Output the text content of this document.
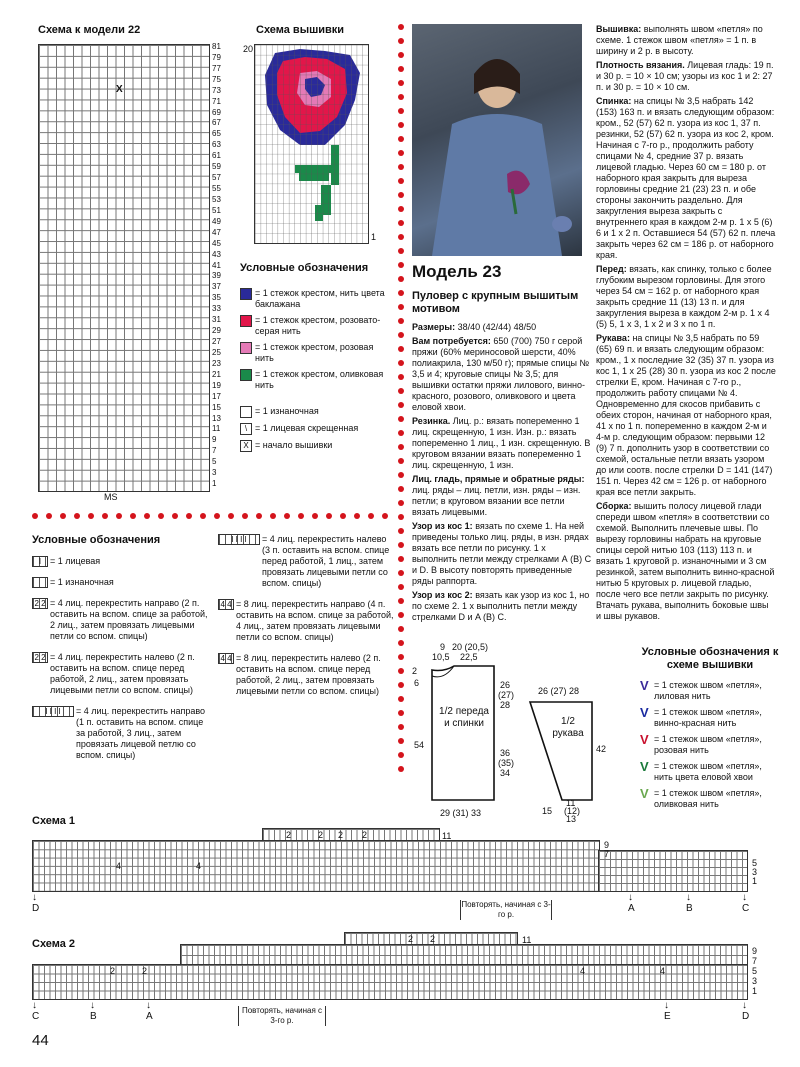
Схема к модели 22
X
81
79
77
75
73
71
69
67
65
63
61
59
57
55
53
51
49
47
45
43
41
39
37
35
33
31
29
27
25
23
21
19
17
15
13
11
9
7
5
3
1
MS
Схема вышивки
20
1
Условные обозначения
= 1 стежок крестом, нить цвета баклажана
= 1 стежок крестом, розовато-серая нить
= 1 стежок крестом, розовая нить
= 1 стежок крестом, оливковая нить
= 1 изнаночная
\ = 1 лицевая скрещенная
X = начало вышивки

Вышивка: выполнять швом «петля» по схеме. 1 стежок швом «петля» = 1 п. в ширину и 2 р. в высоту.

Плотность вязания. Лицевая гладь: 19 п. и 30 р. = 10 × 10 см; узоры из кос 1 и 2: 27 п. и 30 р. = 10 × 10 см.

Спинка: на спицы № 3,5 набрать 142 (153) 163 п. и вязать следующим образом: кром., 52 (57) 62 п. узора из кос 1, 37 п. резинки, 52 (57) 62 п. узора из кос 2, кром. Начиная с 7-го р., продолжить работу спицами № 4, средние 37 р. вязать лицевой гладью. Через 60 см = 180 р. от наборного края закрыть для выреза горловины средние 21 (23) 23 п. и обе стороны закончить раздельно. Для закругления выреза закрыть с внутреннего края в каждом 2-м р. 1 х 5 (6) 6 и 1 х 2 п. Оставшиеся 54 (57) 62 п. плеча закрыть через 62 см = 186 р. от наборного края.

Перед: вязать, как спинку, только с более глубоким вырезом горловины. Для этого через 54 см = 162 р. от наборного края закрыть средние 11 (13) 13 п. и для закругления выреза в каждом 2-м р. 1 х 4 (5) 5, 1 х 3, 1 х 2 и 3 х по 1 п.

Рукава: на спицы № 3,5 набрать по 59 (65) 69 п. и вязать следующим образом: кром., 1 х последние 32 (35) 37 п. узора из кос 1, 1 х 25 (28) 30 п. узора из кос 2 после стрелки E, кром. Начиная с 7-го р., продолжить работу спицами № 4. Одновременно для скосов прибавить с обеих сторон, начиная от наборного края, 41 х по 1 п. попеременно в каждом 2-м и 4-м р. следующим образом: первыми 12 (9) 7 п. дополнить узор в соответствии со схемой, остальные петли вязать узором до или соотв. после стрелки D = 141 (147) 151 п. Через 42 см = 126 р. от наборного края все петли закрыть.

Сборка: вышить полосу лицевой глади спереди швом «петля» в соответствии со схемой. Выполнить плечевые швы. По вырезу горловины набрать на круговые спицы серой нитью 103 (113) 113 п. и вязать 1 круговой р. изнаночными и 3 см резинкой, затем выполнить винно-красной нитью 5 круговых р. лицевой гладью, после чего все петли закрыть по рисунку. Втачать рукава, выполнить боковые швы и швы рукавов.

Модель 23
Пуловер с крупным вышитым мотивом

Размеры: 38/40 (42/44) 48/50

Вам потребуется: 650 (700) 750 г серой пряжи (60% мериносовой шерсти, 40% полиакрила, 130 м/50 г); прямые спицы № 3,5 и 4; круговые спицы № 3,5; для вышивки остатки пряжи лилового, винно-красного, розового, оливкового и цвета еловой хвои.

Резинка. Лиц. р.: вязать попеременно 1 лиц. скрещенную, 1 изн. Изн. р.: вязать попеременно 1 лиц., 1 изн. скрещенную. В круговом вязании вязать попеременно 1 лиц. скрещенную, 1 изн.

Лиц. гладь, прямые и обратные ряды: лиц. ряды – лиц. петли, изн. ряды – изн. петли; в круговом вязании все петли вязать лицевыми.

Узор из кос 1: вязать по схеме 1. На ней приведены только лиц. ряды, в изн. рядах вязать все петли по рисунку. 1 х выполнить петли между стрелками А (В) С и D. В высоту повторять приведенные ряды раппорта.

Узор из кос 2: вязать как узор из кос 1, но по схеме 2. 1 х выполнить петли между стрелками D и A (B) C.

Условные обозначения
I = 1 лицевая
= 1 изнаночная
2 2 = 4 лиц. перекрестить направо (2 п. оставить на вспом. спице за работой, 2 лиц., затем провязать лицевыми петли со вспом. спицы)
2 2 = 4 лиц. перекрестить налево (2 п. оставить на вспом. спице перед работой, 2 лиц., затем провязать лицевыми петли со вспом. спицы)
I I I I	= 4 лиц. перекрестить направо (1 п. оставить на вспом. спице за работой, 3 лиц., затем провязать лицевой петлю со вспом. спицы)
I I I I	= 4 лиц. перекрестить налево (3 п. оставить на вспом. спице перед работой, 1 лиц., затем провязать лицевыми петли со вспом. спицы)
4 4 = 8 лиц. перекрестить направо (4 п. оставить на вспом. спице за работой, 4 лиц., затем провязать лицевыми петли со вспом. спицы)
4 4 = 8 лиц. перекрестить налево (2 п. оставить на вспом. спице перед работой, 2 лиц., затем провязать лицевыми петли со вспом. спицы)
9
10,5
20 (20,5)
22,5
2
6	26
(27)
28
36
(35)
34
54
1/2 переда и спинки
29 (31) 33
26 (27) 28
1/2 рукава
42
15
11
(12)
13
Условные обозначения к схеме вышивки
V = 1 стежок швом «петля», лиловая нить
V = 1 стежок швом «петля», винно-красная нить
V = 1 стежок швом «петля», розовая нить
V = 1 стежок швом «петля», нить цвета еловой хвои
V = 1 стежок швом «петля», оливковая нить
Схема 1
2	2 2 2
4	4
11
9
7
5
3
1
↓
D
↓
A
↓
B
↓
C
Повторять, начиная с 3-го р.
Схема 2	2 2
2	2	4	4
11
9
7
5
3
1
↓
C
↓
B
↓
A
↓
E
↓
D
Повторять, начиная с 3-го р.
44
